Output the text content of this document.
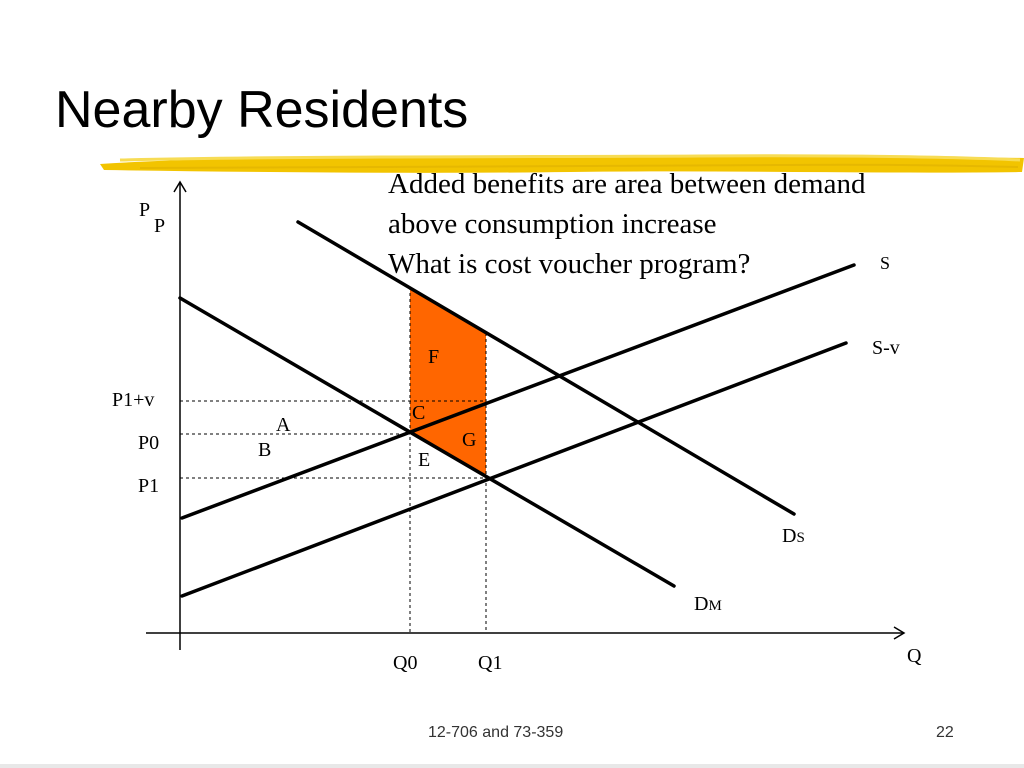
Nearby Residents
Added benefits are area between demand
above consumption increase
What is cost voucher program?
P
P
Q
S
S-v
DS
DM
P1+v
P0
P1
Q0	Q1
A
B
C
E
F
G
12-706 and 73-359	22
